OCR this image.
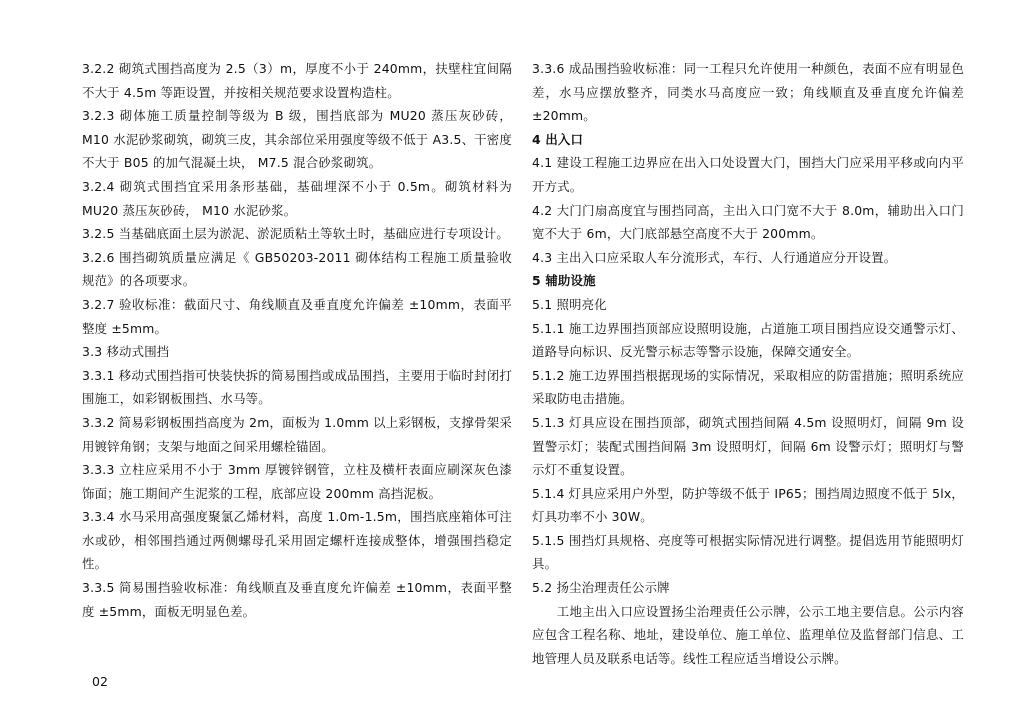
3.2.2 砌筑式围挡高度为 2.5（3）m，厚度不小于 240mm，扶壁柱宜间隔不大于 4.5m 等距设置，并按相关规范要求设置构造柱。

3.2.3 砌体施工质量控制等级为 B 级，围挡底部为 MU20 蒸压灰砂砖， M10 水泥砂浆砌筑，砌筑三皮，其余部位采用强度等级不低于 A3.5、干密度不大于 B05 的加气混凝土块， M7.5 混合砂浆砌筑。

3.2.4 砌筑式围挡宜采用条形基础，基础埋深不小于 0.5m。砌筑材料为 MU20 蒸压灰砂砖， M10 水泥砂浆。

3.2.5 当基础底面土层为淤泥、淤泥质粘土等软土时，基础应进行专项设计。

3.2.6 围挡砌筑质量应满足《 GB50203-2011 砌体结构工程施工质量验收规范》的各项要求。

3.2.7 验收标准：截面尺寸、角线顺直及垂直度允许偏差 ±10mm，表面平整度 ±5mm。

3.3 移动式围挡

3.3.1 移动式围挡指可快装快拆的简易围挡或成品围挡，主要用于临时封闭打围施工，如彩钢板围挡、水马等。

3.3.2 简易彩钢板围挡高度为 2m，面板为 1.0mm 以上彩钢板，支撑骨架采用镀锌角钢；支架与地面之间采用螺栓锚固。

3.3.3 立柱应采用不小于 3mm 厚镀锌钢管，立柱及横杆表面应刷深灰色漆饰面；施工期间产生泥浆的工程，底部应设 200mm 高挡泥板。

3.3.4 水马采用高强度聚氯乙烯材料，高度 1.0m-1.5m，围挡底座箱体可注水或砂，相邻围挡通过两侧螺母孔采用固定螺杆连接成整体，增强围挡稳定性。

3.3.5 简易围挡验收标准：角线顺直及垂直度允许偏差 ±10mm，表面平整度 ±5mm，面板无明显色差。

3.3.6 成品围挡验收标准：同一工程只允许使用一种颜色，表面不应有明显色差，水马应摆放整齐，同类水马高度应一致；角线顺直及垂直度允许偏差 ±20mm。

4 出入口

4.1 建设工程施工边界应在出入口处设置大门，围挡大门应采用平移或向内平开方式。

4.2 大门门扇高度宜与围挡同高，主出入口门宽不大于 8.0m，辅助出入口门宽不大于 6m，大门底部悬空高度不大于 200mm。

4.3 主出入口应采取人车分流形式，车行、人行通道应分开设置。

5 辅助设施

5.1 照明亮化

5.1.1 施工边界围挡顶部应设照明设施，占道施工项目围挡应设交通警示灯、道路导向标识、反光警示标志等警示设施，保障交通安全。

5.1.2 施工边界围挡根据现场的实际情况，采取相应的防雷措施；照明系统应采取防电击措施。

5.1.3 灯具应设在围挡顶部，砌筑式围挡间隔 4.5m 设照明灯，间隔 9m 设置警示灯；装配式围挡间隔 3m 设照明灯，间隔 6m 设警示灯；照明灯与警示灯不重复设置。

5.1.4 灯具应采用户外型，防护等级不低于 IP65；围挡周边照度不低于 5lx，灯具功率不小 30W。

5.1.5 围挡灯具规格、亮度等可根据实际情况进行调整。提倡选用节能照明灯具。

5.2 扬尘治理责任公示牌

工地主出入口应设置扬尘治理责任公示牌，公示工地主要信息。公示内容应包含工程名称、地址，建设单位、施工单位、监理单位及监督部门信息、工地管理人员及联系电话等。线性工程应适当增设公示牌。

02
